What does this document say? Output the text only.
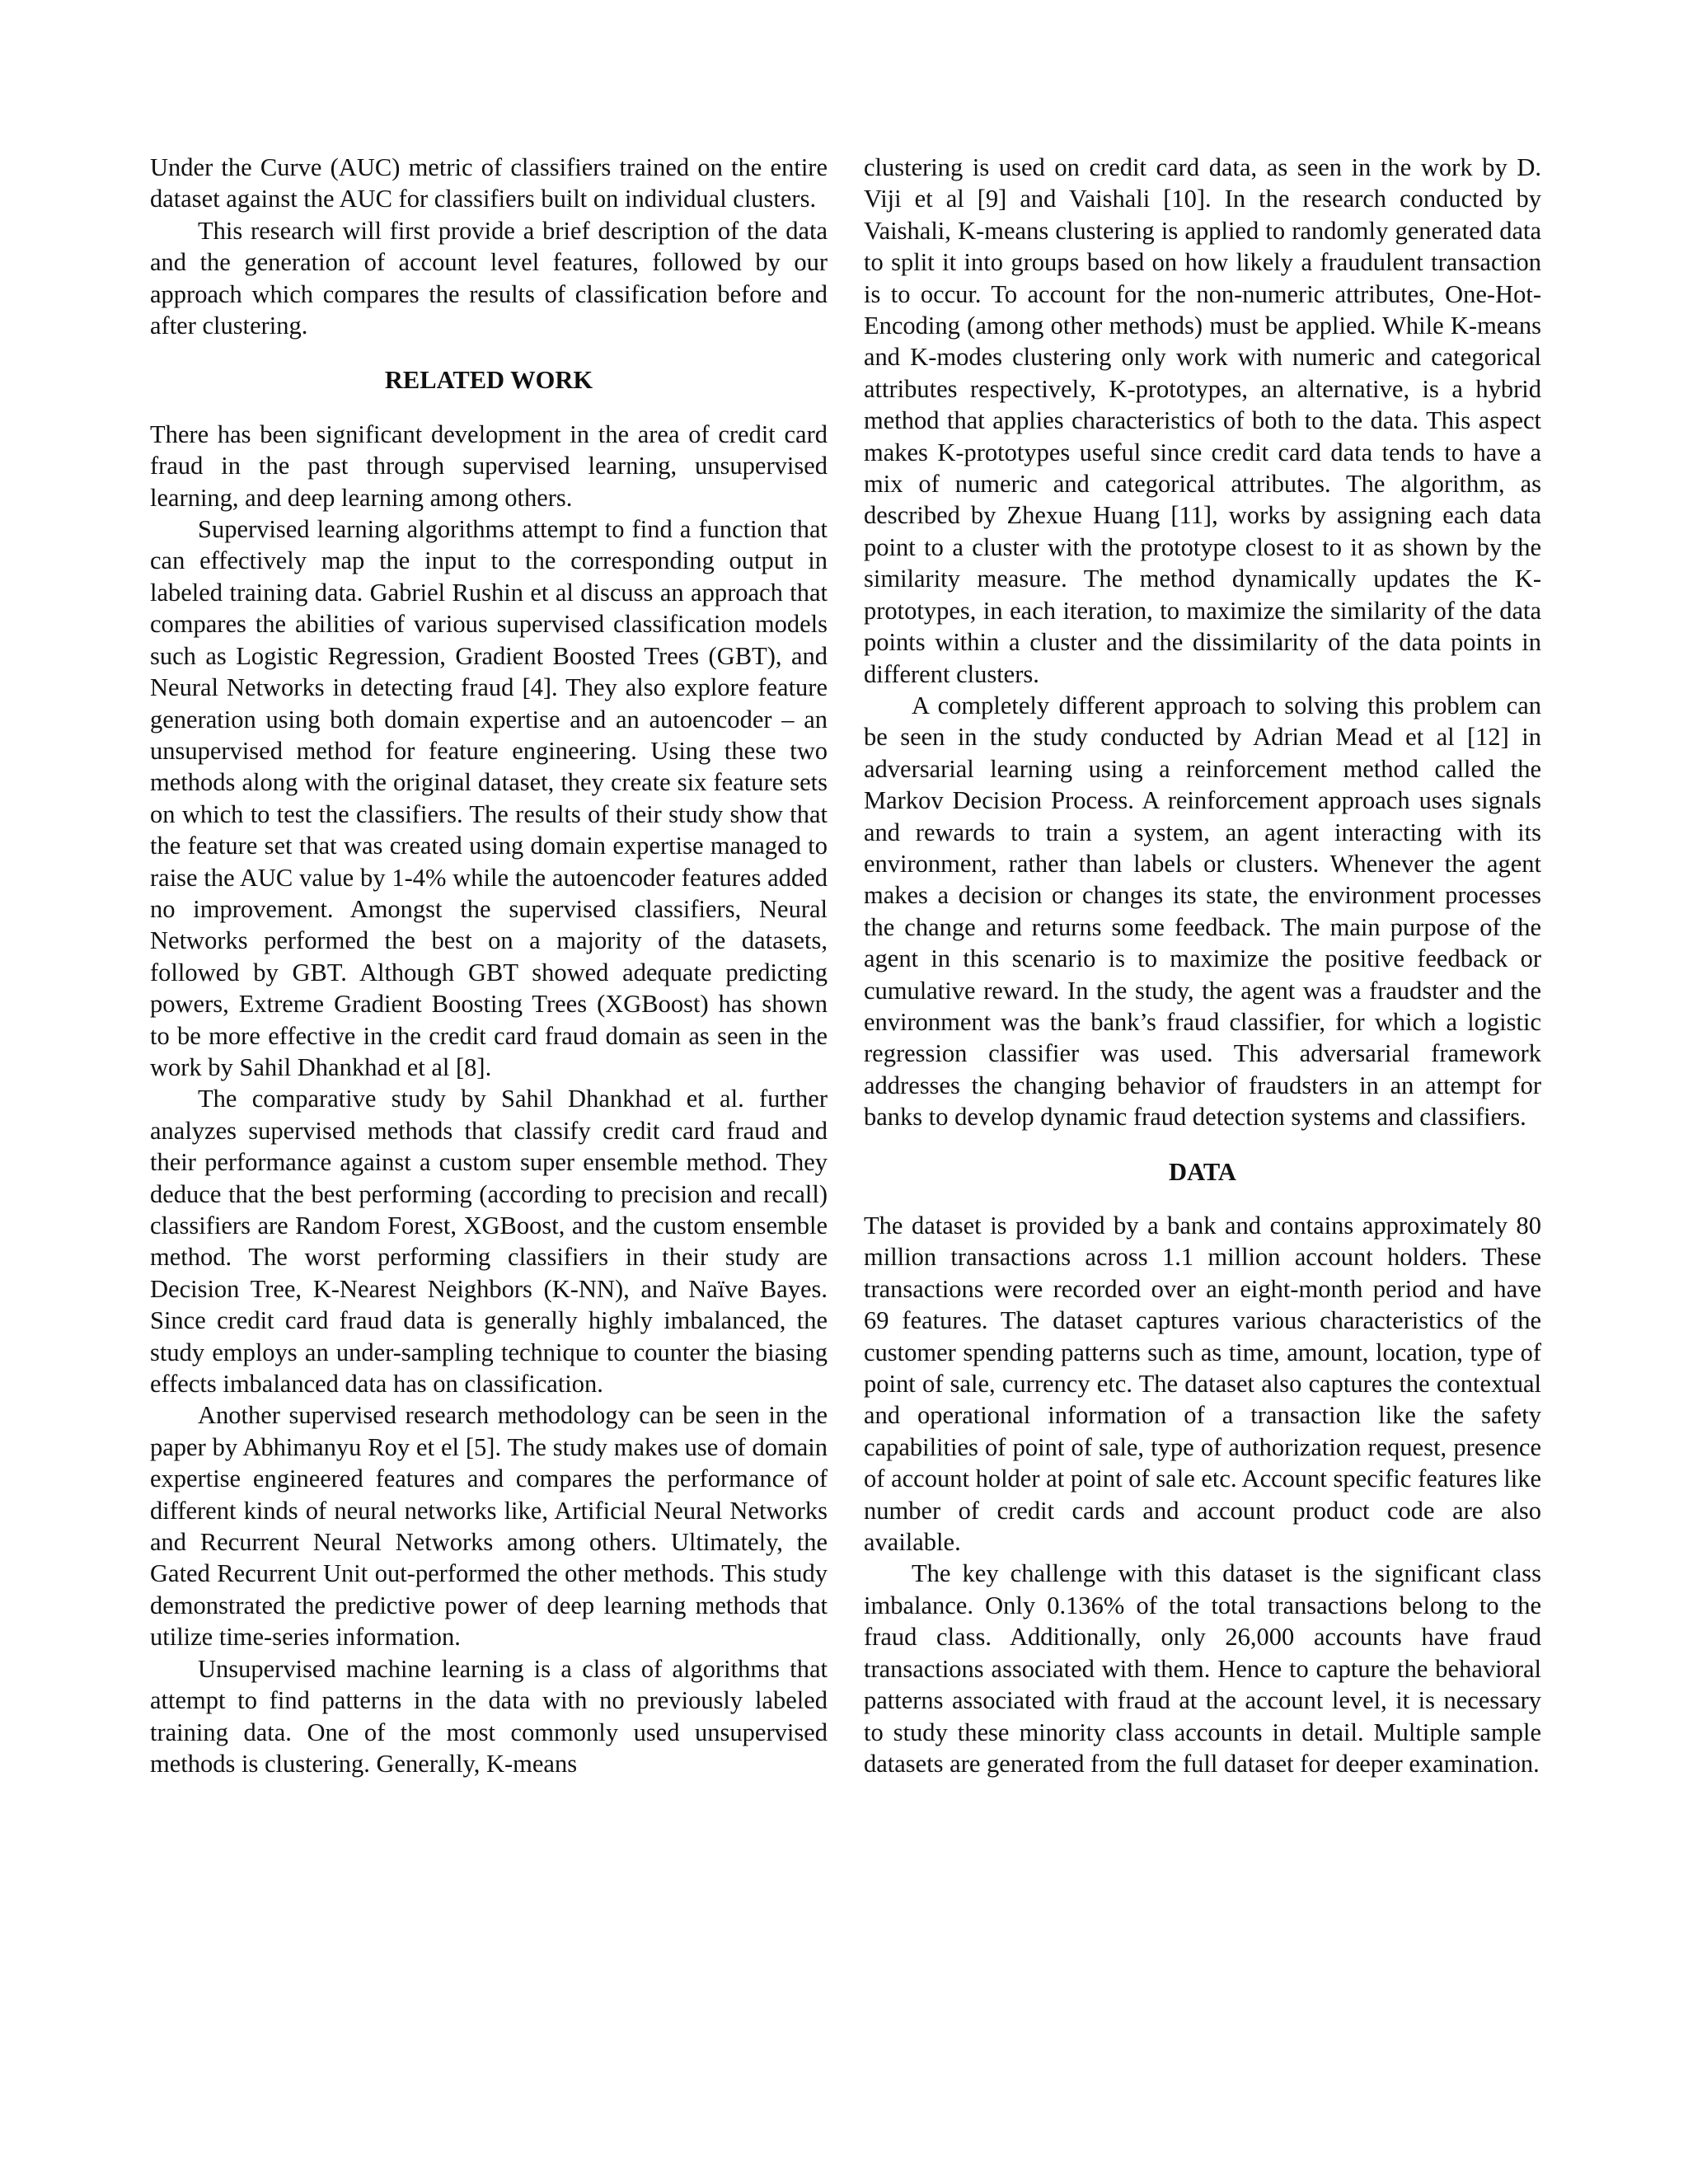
Under the Curve (AUC) metric of classifiers trained on the entire dataset against the AUC for classifiers built on individual clusters.

This research will first provide a brief description of the data and the generation of account level features, followed by our approach which compares the results of classification before and after clustering.

RELATED WORK

There has been significant development in the area of credit card fraud in the past through supervised learning, unsupervised learning, and deep learning among others.

Supervised learning algorithms attempt to find a function that can effectively map the input to the corresponding output in labeled training data. Gabriel Rushin et al discuss an approach that compares the abilities of various supervised classification models such as Logistic Regression, Gradient Boosted Trees (GBT), and Neural Networks in detecting fraud [4]. They also explore feature generation using both domain expertise and an autoencoder – an unsupervised method for feature engineering. Using these two methods along with the original dataset, they create six feature sets on which to test the classifiers. The results of their study show that the feature set that was created using domain expertise managed to raise the AUC value by 1-4% while the autoencoder features added no improvement. Amongst the supervised classifiers, Neural Networks performed the best on a majority of the datasets, followed by GBT. Although GBT showed adequate predicting powers, Extreme Gradient Boosting Trees (XGBoost) has shown to be more effective in the credit card fraud domain as seen in the work by Sahil Dhankhad et al [8].

The comparative study by Sahil Dhankhad et al. further analyzes supervised methods that classify credit card fraud and their performance against a custom super ensemble method. They deduce that the best performing (according to precision and recall) classifiers are Random Forest, XGBoost, and the custom ensemble method. The worst performing classifiers in their study are Decision Tree, K-Nearest Neighbors (K-NN), and Naïve Bayes. Since credit card fraud data is generally highly imbalanced, the study employs an under-sampling technique to counter the biasing effects imbalanced data has on classification.

Another supervised research methodology can be seen in the paper by Abhimanyu Roy et el [5]. The study makes use of domain expertise engineered features and compares the performance of different kinds of neural networks like, Artificial Neural Networks and Recurrent Neural Networks among others. Ultimately, the Gated Recurrent Unit out-performed the other methods. This study demonstrated the predictive power of deep learning methods that utilize time-series information.

Unsupervised machine learning is a class of algorithms that attempt to find patterns in the data with no previously labeled training data. One of the most commonly used unsupervised methods is clustering. Generally, K-means

clustering is used on credit card data, as seen in the work by D. Viji et al [9] and Vaishali [10]. In the research conducted by Vaishali, K-means clustering is applied to randomly generated data to split it into groups based on how likely a fraudulent transaction is to occur. To account for the non-numeric attributes, One-Hot-Encoding (among other methods) must be applied. While K-means and K-modes clustering only work with numeric and categorical attributes respectively, K-prototypes, an alternative, is a hybrid method that applies characteristics of both to the data. This aspect makes K-prototypes useful since credit card data tends to have a mix of numeric and categorical attributes. The algorithm, as described by Zhexue Huang [11], works by assigning each data point to a cluster with the prototype closest to it as shown by the similarity measure. The method dynamically updates the K-prototypes, in each iteration, to maximize the similarity of the data points within a cluster and the dissimilarity of the data points in different clusters.

A completely different approach to solving this problem can be seen in the study conducted by Adrian Mead et al [12] in adversarial learning using a reinforcement method called the Markov Decision Process. A reinforcement approach uses signals and rewards to train a system, an agent interacting with its environment, rather than labels or clusters. Whenever the agent makes a decision or changes its state, the environment processes the change and returns some feedback. The main purpose of the agent in this scenario is to maximize the positive feedback or cumulative reward. In the study, the agent was a fraudster and the environment was the bank’s fraud classifier, for which a logistic regression classifier was used. This adversarial framework addresses the changing behavior of fraudsters in an attempt for banks to develop dynamic fraud detection systems and classifiers.

DATA

The dataset is provided by a bank and contains approximately 80 million transactions across 1.1 million account holders. These transactions were recorded over an eight-month period and have 69 features. The dataset captures various characteristics of the customer spending patterns such as time, amount, location, type of point of sale, currency etc. The dataset also captures the contextual and operational information of a transaction like the safety capabilities of point of sale, type of authorization request, presence of account holder at point of sale etc. Account specific features like number of credit cards and account product code are also available.

The key challenge with this dataset is the significant class imbalance. Only 0.136% of the total transactions belong to the fraud class. Additionally, only 26,000 accounts have fraud transactions associated with them. Hence to capture the behavioral patterns associated with fraud at the account level, it is necessary to study these minority class accounts in detail. Multiple sample datasets are generated from the full dataset for deeper examination.
